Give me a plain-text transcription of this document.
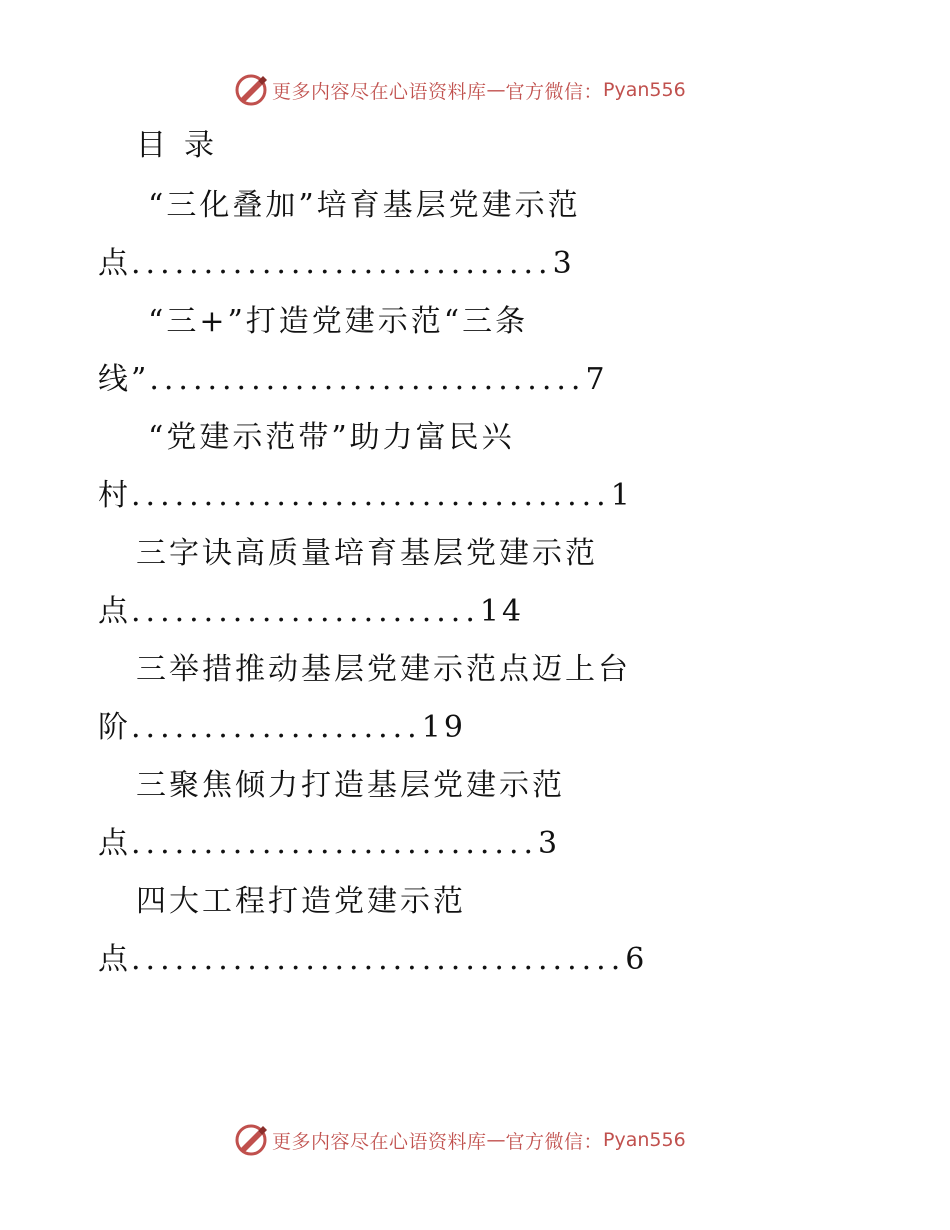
更多内容尽在心语资料库 — 官方微信： Pyan556
目 录
“三化叠加”培育基层党建示范
点.............................3
“三+”打造党建示范“三条
线”..............................7
“党建示范带”助力富民兴
村.................................1
三字诀高质量培育基层党建示范
点........................14
三举措推动基层党建示范点迈上台
阶....................19
三聚焦倾力打造基层党建示范
点............................3
四大工程打造党建示范
点..................................6
更多内容尽在心语资料库 — 官方微信： Pyan556
